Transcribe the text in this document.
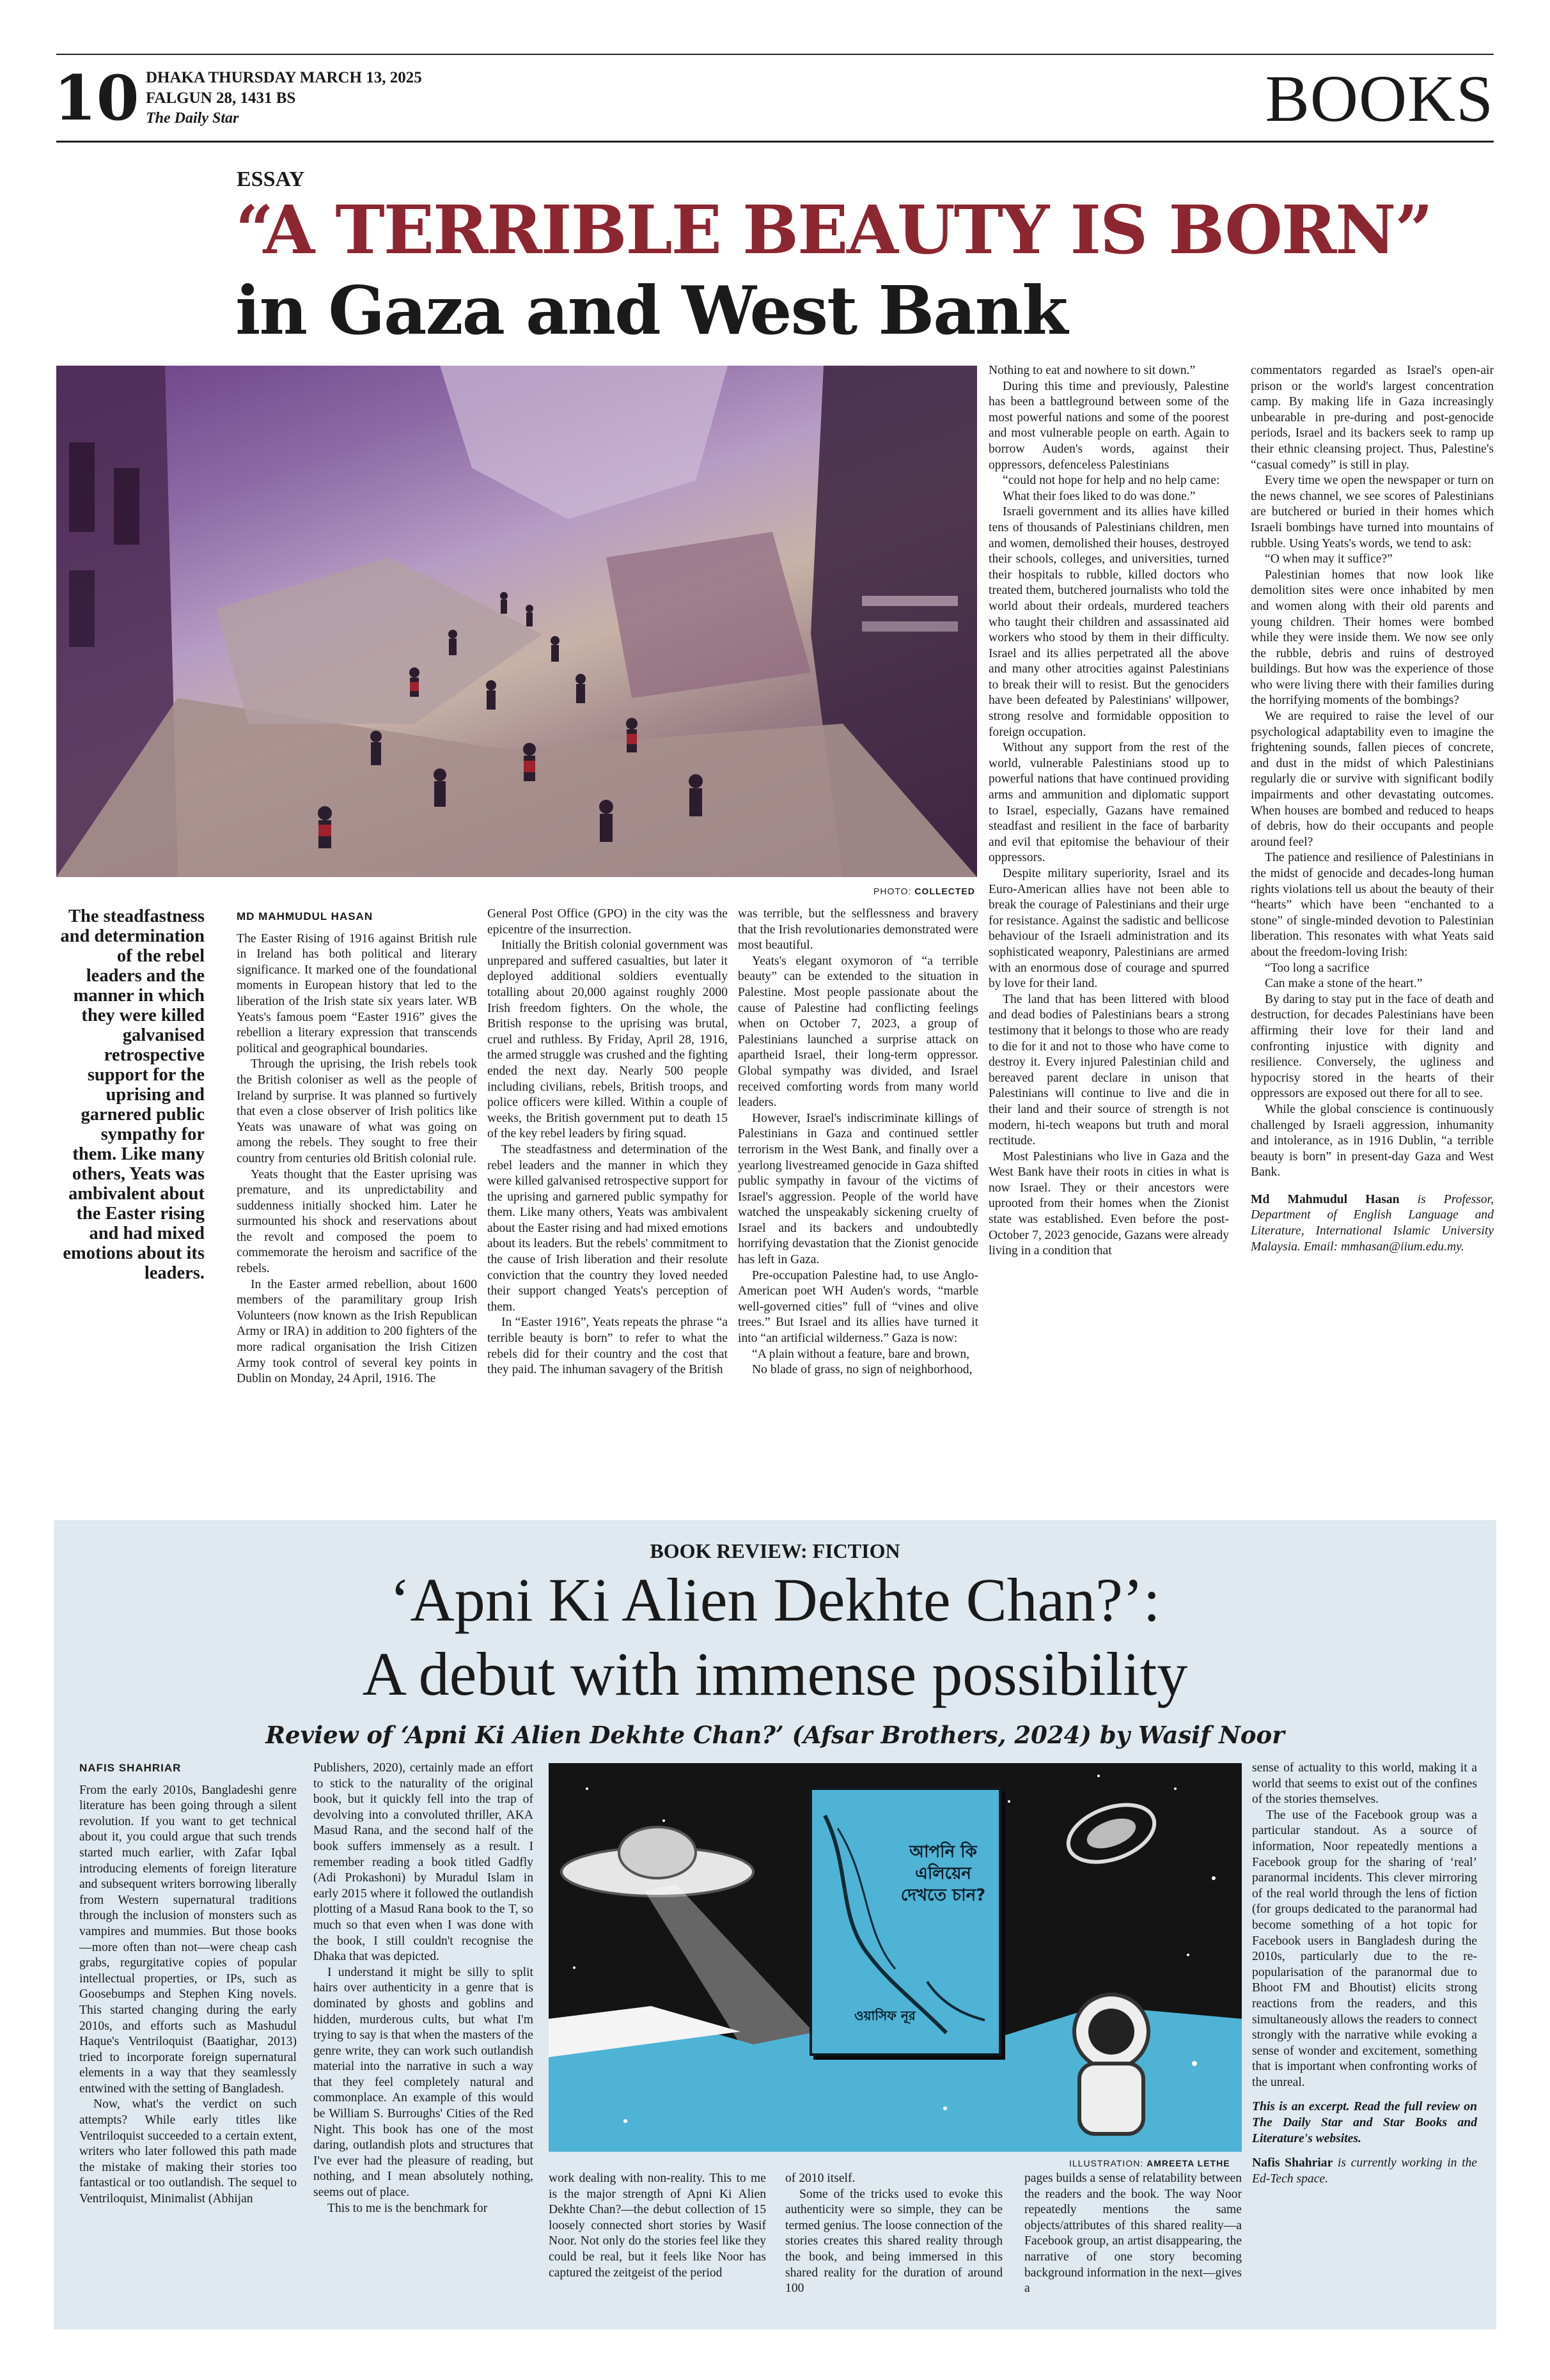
10 DHAKA THURSDAY MARCH 13, 2025
FALGUN 28, 1431 BS
The Daily Star	BOOKS
ESSAY
“A TERRIBLE BEAUTY IS BORN”
in Gaza and West Bank
PHOTO: COLLECTED
The steadfastness and determination of the rebel leaders and the manner in which they were killed galvanised retrospective support for the uprising and garnered public sympathy for them. Like many others, Yeats was ambivalent about the Easter rising and had mixed emotions about its leaders.
MD MAHMUDUL HASAN

The Easter Rising of 1916 against British rule in Ireland has both political and literary significance. It marked one of the foundational moments in European history that led to the liberation of the Irish state six years later. WB Yeats's famous poem “Easter 1916” gives the rebellion a literary expression that transcends political and geographical boundaries.

Through the uprising, the Irish rebels took the British coloniser as well as the people of Ireland by surprise. It was planned so furtively that even a close observer of Irish politics like Yeats was unaware of what was going on among the rebels. They sought to free their country from centuries old British colonial rule.

Yeats thought that the Easter uprising was premature, and its unpredictability and suddenness initially shocked him. Later he surmounted his shock and reservations about the revolt and composed the poem to commemorate the heroism and sacrifice of the rebels.

In the Easter armed rebellion, about 1600 members of the paramilitary group Irish Volunteers (now known as the Irish Republican Army or IRA) in addition to 200 fighters of the more radical organisation the Irish Citizen Army took control of several key points in Dublin on Monday, 24 April, 1916. The

General Post Office (GPO) in the city was the epicentre of the insurrection.

Initially the British colonial government was unprepared and suffered casualties, but later it deployed additional soldiers eventually totalling about 20,000 against roughly 2000 Irish freedom fighters. On the whole, the British response to the uprising was brutal, cruel and ruthless. By Friday, April 28, 1916, the armed struggle was crushed and the fighting ended the next day. Nearly 500 people including civilians, rebels, British troops, and police officers were killed. Within a couple of weeks, the British government put to death 15 of the key rebel leaders by firing squad.

The steadfastness and determination of the rebel leaders and the manner in which they were killed galvanised retrospective support for the uprising and garnered public sympathy for them. Like many others, Yeats was ambivalent about the Easter rising and had mixed emotions about its leaders. But the rebels' commitment to the cause of Irish liberation and their resolute conviction that the country they loved needed their support changed Yeats's perception of them.

In “Easter 1916”, Yeats repeats the phrase “a terrible beauty is born” to refer to what the rebels did for their country and the cost that they paid. The inhuman savagery of the British

was terrible, but the selflessness and bravery that the Irish revolutionaries demonstrated were most beautiful.

Yeats's elegant oxymoron of “a terrible beauty” can be extended to the situation in Palestine. Most people passionate about the cause of Palestine had conflicting feelings when on October 7, 2023, a group of Palestinians launched a surprise attack on apartheid Israel, their long-term oppressor. Global sympathy was divided, and Israel received comforting words from many world leaders.

However, Israel's indiscriminate killings of Palestinians in Gaza and continued settler terrorism in the West Bank, and finally over a yearlong livestreamed genocide in Gaza shifted public sympathy in favour of the victims of Israel's aggression. People of the world have watched the unspeakably sickening cruelty of Israel and its backers and undoubtedly horrifying devastation that the Zionist genocide has left in Gaza.

Pre-occupation Palestine had, to use Anglo-American poet WH Auden's words, “marble well-governed cities” full of “vines and olive trees.” But Israel and its allies have turned it into “an artificial wilderness.” Gaza is now:

“A plain without a feature, bare and brown,

No blade of grass, no sign of neighborhood,

Nothing to eat and nowhere to sit down.”

During this time and previously, Palestine has been a battleground between some of the most powerful nations and some of the poorest and most vulnerable people on earth. Again to borrow Auden's words, against their oppressors, defenceless Palestinians

“could not hope for help and no help came:

What their foes liked to do was done.”

Israeli government and its allies have killed tens of thousands of Palestinians children, men and women, demolished their houses, destroyed their schools, colleges, and universities, turned their hospitals to rubble, killed doctors who treated them, butchered journalists who told the world about their ordeals, murdered teachers who taught their children and assassinated aid workers who stood by them in their difficulty. Israel and its allies perpetrated all the above and many other atrocities against Palestinians to break their will to resist. But the genociders have been defeated by Palestinians' willpower, strong resolve and formidable opposition to foreign occupation.

Without any support from the rest of the world, vulnerable Palestinians stood up to powerful nations that have continued providing arms and ammunition and diplomatic support to Israel, especially, Gazans have remained steadfast and resilient in the face of barbarity and evil that epitomise the behaviour of their oppressors.

Despite military superiority, Israel and its Euro-American allies have not been able to break the courage of Palestinians and their urge for resistance. Against the sadistic and bellicose behaviour of the Israeli administration and its sophisticated weaponry, Palestinians are armed with an enormous dose of courage and spurred by love for their land.

The land that has been littered with blood and dead bodies of Palestinians bears a strong testimony that it belongs to those who are ready to die for it and not to those who have come to destroy it. Every injured Palestinian child and bereaved parent declare in unison that Palestinians will continue to live and die in their land and their source of strength is not modern, hi-tech weapons but truth and moral rectitude.

Most Palestinians who live in Gaza and the West Bank have their roots in cities in what is now Israel. They or their ancestors were uprooted from their homes when the Zionist state was established. Even before the post-October 7, 2023 genocide, Gazans were already living in a condition that

commentators regarded as Israel's open-air prison or the world's largest concentration camp. By making life in Gaza increasingly unbearable in pre-during and post-genocide periods, Israel and its backers seek to ramp up their ethnic cleansing project. Thus, Palestine's “casual comedy” is still in play.

Every time we open the newspaper or turn on the news channel, we see scores of Palestinians are butchered or buried in their homes which Israeli bombings have turned into mountains of rubble. Using Yeats's words, we tend to ask:

“O when may it suffice?”

Palestinian homes that now look like demolition sites were once inhabited by men and women along with their old parents and young children. Their homes were bombed while they were inside them. We now see only the rubble, debris and ruins of destroyed buildings. But how was the experience of those who were living there with their families during the horrifying moments of the bombings?

We are required to raise the level of our psychological adaptability even to imagine the frightening sounds, fallen pieces of concrete, and dust in the midst of which Palestinians regularly die or survive with significant bodily impairments and other devastating outcomes. When houses are bombed and reduced to heaps of debris, how do their occupants and people around feel?

The patience and resilience of Palestinians in the midst of genocide and decades-long human rights violations tell us about the beauty of their “hearts” which have been “enchanted to a stone” of single-minded devotion to Palestinian liberation. This resonates with what Yeats said about the freedom-loving Irish:

“Too long a sacrifice

Can make a stone of the heart.”

By daring to stay put in the face of death and destruction, for decades Palestinians have been affirming their love for their land and confronting injustice with dignity and resilience. Conversely, the ugliness and hypocrisy stored in the hearts of their oppressors are exposed out there for all to see.

While the global conscience is continuously challenged by Israeli aggression, inhumanity and intolerance, as in 1916 Dublin, “a terrible beauty is born” in present-day Gaza and West Bank.

Md Mahmudul Hasan is Professor, Department of English Language and Literature, International Islamic University Malaysia. Email: mmhasan@iium.edu.my.

BOOK REVIEW: FICTION
‘Apni Ki Alien Dekhte Chan?’:
A debut with immense possibility
Review of ‘Apni Ki Alien Dekhte Chan?’ (Afsar Brothers, 2024) by Wasif Noor
আপনি কি এলিয়েন দেখতে চান?
ওয়াসিফ নূর
ILLUSTRATION: AMREETA LETHE
NAFIS SHAHRIAR

From the early 2010s, Bangladeshi genre literature has been going through a silent revolution. If you want to get technical about it, you could argue that such trends started much earlier, with Zafar Iqbal introducing elements of foreign literature and subsequent writers borrowing liberally from Western supernatural traditions through the inclusion of monsters such as vampires and mummies. But those books—more often than not—were cheap cash grabs, regurgitative copies of popular intellectual properties, or IPs, such as Goosebumps and Stephen King novels. This started changing during the early 2010s, and efforts such as Mashudul Haque's Ventriloquist (Baatighar, 2013) tried to incorporate foreign supernatural elements in a way that they seamlessly entwined with the setting of Bangladesh.

Now, what's the verdict on such attempts? While early titles like Ventriloquist succeeded to a certain extent, writers who later followed this path made the mistake of making their stories too fantastical or too outlandish. The sequel to Ventriloquist, Minimalist (Abhijan

Publishers, 2020), certainly made an effort to stick to the naturality of the original book, but it quickly fell into the trap of devolving into a convoluted thriller, AKA Masud Rana, and the second half of the book suffers immensely as a result. I remember reading a book titled Gadfly (Adi Prokashoni) by Muradul Islam in early 2015 where it followed the outlandish plotting of a Masud Rana book to the T, so much so that even when I was done with the book, I still couldn't recognise the Dhaka that was depicted.

I understand it might be silly to split hairs over authenticity in a genre that is dominated by ghosts and goblins and hidden, murderous cults, but what I'm trying to say is that when the masters of the genre write, they can work such outlandish material into the narrative in such a way that they feel completely natural and commonplace. An example of this would be William S. Burroughs' Cities of the Red Night. This book has one of the most daring, outlandish plots and structures that I've ever had the pleasure of reading, but nothing, and I mean absolutely nothing, seems out of place.

This to me is the benchmark for

work dealing with non-reality. This to me is the major strength of Apni Ki Alien Dekhte Chan?—the debut collection of 15 loosely connected short stories by Wasif Noor. Not only do the stories feel like they could be real, but it feels like Noor has captured the zeitgeist of the period

of 2010 itself.

Some of the tricks used to evoke this authenticity were so simple, they can be termed genius. The loose connection of the stories creates this shared reality through the book, and being immersed in this shared reality for the duration of around 100

pages builds a sense of relatability between the readers and the book. The way Noor repeatedly mentions the same objects/attributes of this shared reality—a Facebook group, an artist disappearing, the narrative of one story becoming background information in the next—gives a

sense of actuality to this world, making it a world that seems to exist out of the confines of the stories themselves.

The use of the Facebook group was a particular standout. As a source of information, Noor repeatedly mentions a Facebook group for the sharing of ‘real’ paranormal incidents. This clever mirroring of the real world through the lens of fiction (for groups dedicated to the paranormal had become something of a hot topic for Facebook users in Bangladesh during the 2010s, particularly due to the re-popularisation of the paranormal due to Bhoot FM and Bhoutist) elicits strong reactions from the readers, and this simultaneously allows the readers to connect strongly with the narrative while evoking a sense of wonder and excitement, something that is important when confronting works of the unreal.

This is an excerpt. Read the full review on The Daily Star and Star Books and Literature's websites.

Nafis Shahriar is currently working in the Ed-Tech space.
